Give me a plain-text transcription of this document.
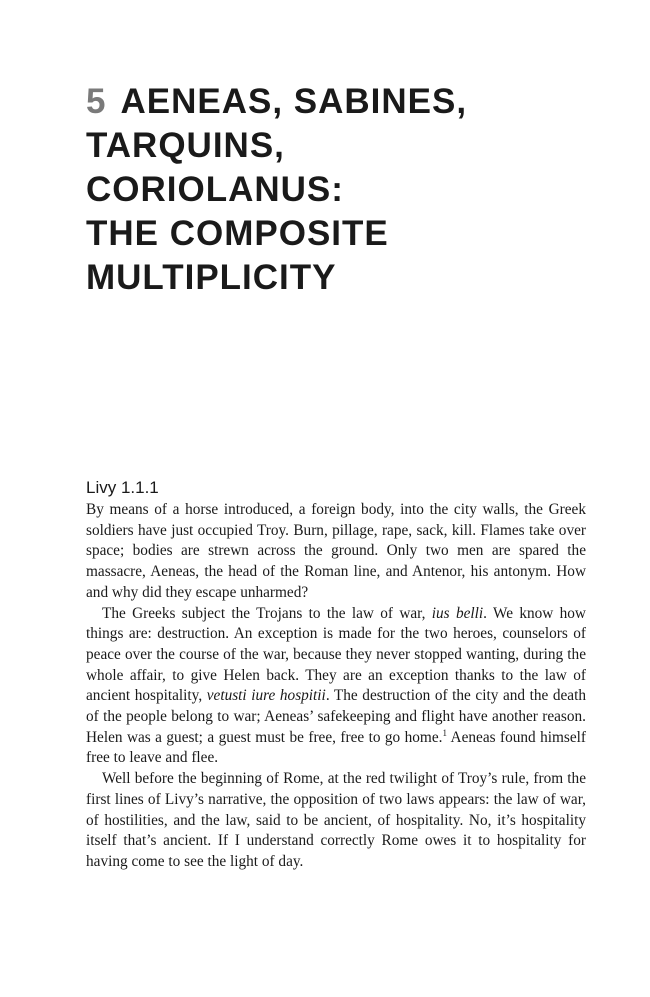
5 AENEAS, SABINES,
TARQUINS,
CORIOLANUS:
THE COMPOSITE
MULTIPLICITY
Livy 1.1.1

By means of a horse introduced, a foreign body, into the city walls, the Greek soldiers have just occupied Troy. Burn, pillage, rape, sack, kill. Flames take over space; bodies are strewn across the ground. Only two men are spared the massacre, Aeneas, the head of the Roman line, and Antenor, his antonym. How and why did they escape unharmed?

The Greeks subject the Trojans to the law of war, ius belli. We know how things are: destruction. An exception is made for the two heroes, counselors of peace over the course of the war, because they never stopped wanting, during the whole affair, to give Helen back. They are an exception thanks to the law of ancient hospitality, vetusti iure hospitii. The destruction of the city and the death of the people belong to war; Aeneas’ safekeeping and flight have another reason. Helen was a guest; a guest must be free, free to go home.$^1$ Aeneas found himself free to leave and flee.

Well before the beginning of Rome, at the red twilight of Troy’s rule, from the first lines of Livy’s narrative, the opposition of two laws appears: the law of war, of hostilities, and the law, said to be ancient, of hospitality. No, it’s hospitality itself that’s ancient. If I understand correctly Rome owes it to hospitality for having come to see the light of day.
